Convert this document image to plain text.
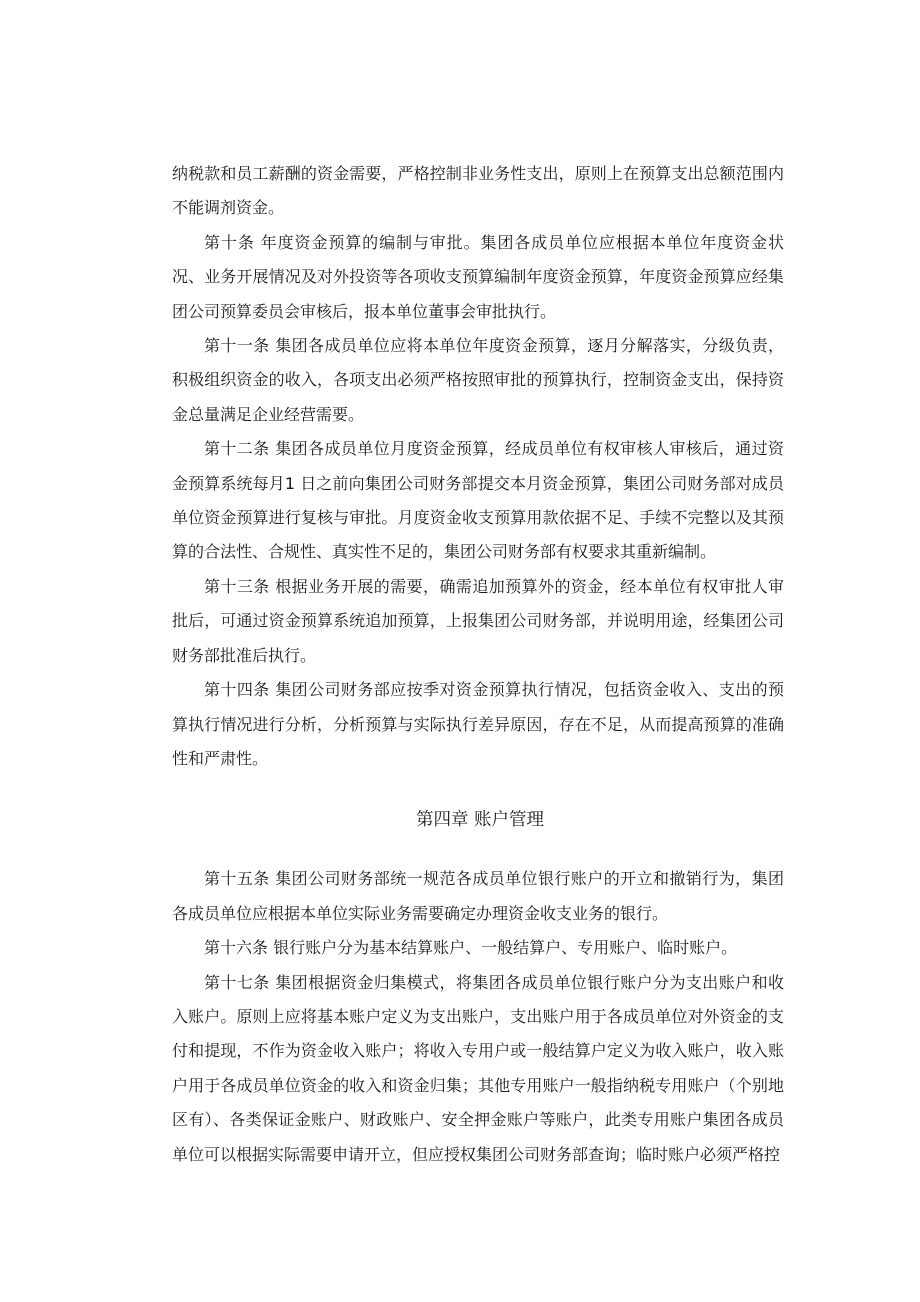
纳税款和员工薪酬的资金需要，严格控制非业务性支出，原则上在预算支出总额范围内不能调剂资金。

第十条 年度资金预算的编制与审批。集团各成员单位应根据本单位年度资金状况、业务开展情况及对外投资等各项收支预算编制年度资金预算，年度资金预算应经集团公司预算委员会审核后，报本单位董事会审批执行。

第十一条 集团各成员单位应将本单位年度资金预算，逐月分解落实，分级负责，积极组织资金的收入，各项支出必须严格按照审批的预算执行，控制资金支出，保持资金总量满足企业经营需要。

第十二条 集团各成员单位月度资金预算，经成员单位有权审核人审核后，通过资金预算系统每月1 日之前向集团公司财务部提交本月资金预算，集团公司财务部对成员单位资金预算进行复核与审批。月度资金收支预算用款依据不足、手续不完整以及其预算的合法性、合规性、真实性不足的，集团公司财务部有权要求其重新编制。

第十三条 根据业务开展的需要，确需追加预算外的资金，经本单位有权审批人审批后，可通过资金预算系统追加预算，上报集团公司财务部，并说明用途，经集团公司财务部批准后执行。

第十四条 集团公司财务部应按季对资金预算执行情况，包括资金收入、支出的预算执行情况进行分析，分析预算与实际执行差异原因，存在不足，从而提高预算的准确性和严肃性。

第四章 账户管理

第十五条 集团公司财务部统一规范各成员单位银行账户的开立和撤销行为，集团各成员单位应根据本单位实际业务需要确定办理资金收支业务的银行。

第十六条 银行账户分为基本结算账户、一般结算户、专用账户、临时账户。

第十七条 集团根据资金归集模式，将集团各成员单位银行账户分为支出账户和收入账户。原则上应将基本账户定义为支出账户，支出账户用于各成员单位对外资金的支付和提现，不作为资金收入账户；将收入专用户或一般结算户定义为收入账户，收入账户用于各成员单位资金的收入和资金归集；其他专用账户一般指纳税专用账户（个别地区有）、各类保证金账户、财政账户、安全押金账户等账户，此类专用账户集团各成员单位可以根据实际需要申请开立，但应授权集团公司财务部查询；临时账户必须严格控
